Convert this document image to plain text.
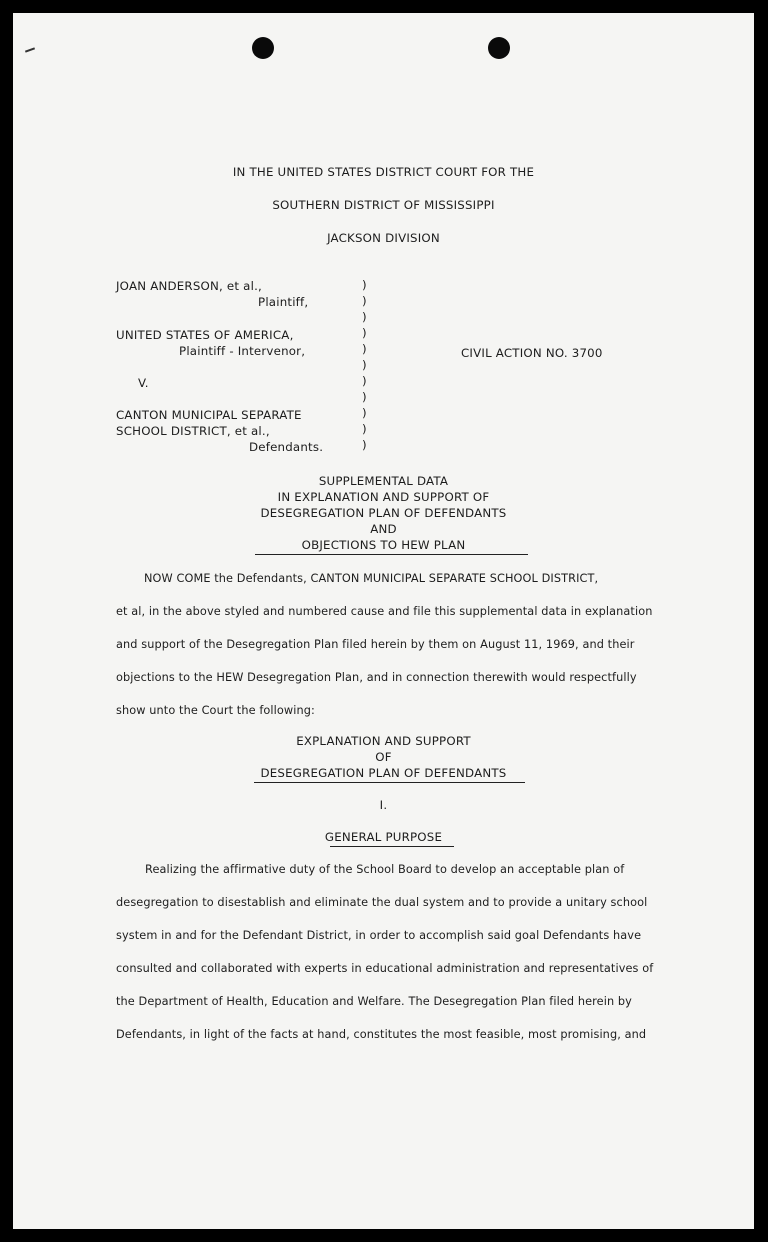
IN THE UNITED STATES DISTRICT COURT FOR THE
SOUTHERN DISTRICT OF MISSISSIPPI
JACKSON DIVISION
JOAN ANDERSON, et al.,
Plaintiff,
UNITED STATES OF AMERICA,
Plaintiff - Intervenor,
V.
CANTON MUNICIPAL SEPARATE
SCHOOL DISTRICT, et al.,
Defendants.
CIVIL ACTION NO. 3700
)
)
)
)
)
)
)
)
)
)
)
SUPPLEMENTAL DATA
IN EXPLANATION AND SUPPORT OF
DESEGREGATION PLAN OF DEFENDANTS
AND
OBJECTIONS TO HEW PLAN
NOW COME the Defendants, CANTON MUNICIPAL SEPARATE SCHOOL DISTRICT,
et al, in the above styled and numbered cause and file this supplemental data in explanation
and support of the Desegregation Plan filed herein by them on August 11, 1969, and their
objections to the HEW Desegregation Plan, and in connection therewith would respectfully
show unto the Court the following:
EXPLANATION AND SUPPORT
OF
DESEGREGATION PLAN OF DEFENDANTS
I.
GENERAL PURPOSE
Realizing the affirmative duty of the School Board to develop an acceptable plan of
desegregation to disestablish and eliminate the dual system and to provide a unitary school
system in and for the Defendant District, in order to accomplish said goal Defendants have
consulted and collaborated with experts in educational administration and representatives of
the Department of Health, Education and Welfare. The Desegregation Plan filed herein by
Defendants, in light of the facts at hand, constitutes the most feasible, most promising, and
